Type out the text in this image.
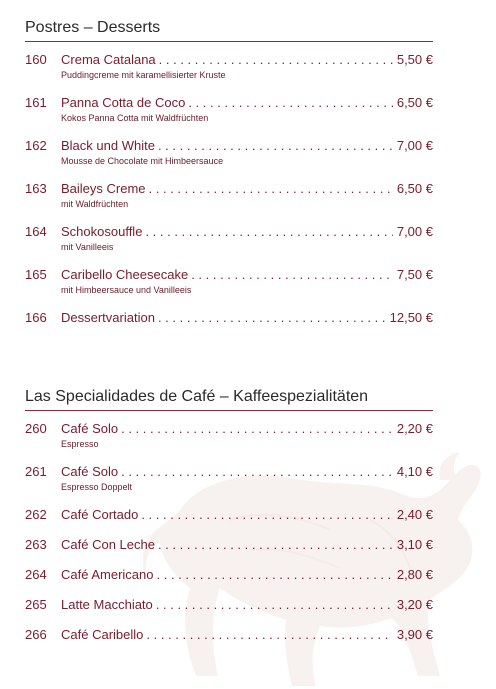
Postres – Desserts
160	Crema Catalana . . .	5,50 €
Puddingcreme mit karamellisierter Kruste
161	Panna Cotta de Coco . . .	6,50 €
Kokos Panna Cotta mit Waldfrüchten
162	Black und White . . .	7,00 €
Mousse de Chocolate mit Himbeersauce
163	Baileys Creme . . .	6,50 €
mit Waldfrüchten
164	Schokosouffle . . .	7,00 €
mit Vanilleeis
165	Caribello Cheesecake . . .	7,50 €
mit Himbeersauce und Vanilleeis
166	Dessertvariation . . .	12,50 €
Las Specialidades de Café – Kaffeespezialitäten
260	Café Solo . . .	2,20 €
Espresso
261	Café Solo . . .	4,10 €
Espresso Doppelt
262	Café Cortado . . .	2,40 €
263	Café Con Leche . . .	3,10 €
264	Café Americano . . .	2,80 €
265	Latte Macchiato . . .	3,20 €
266	Café Caribello . . .	3,90 €
